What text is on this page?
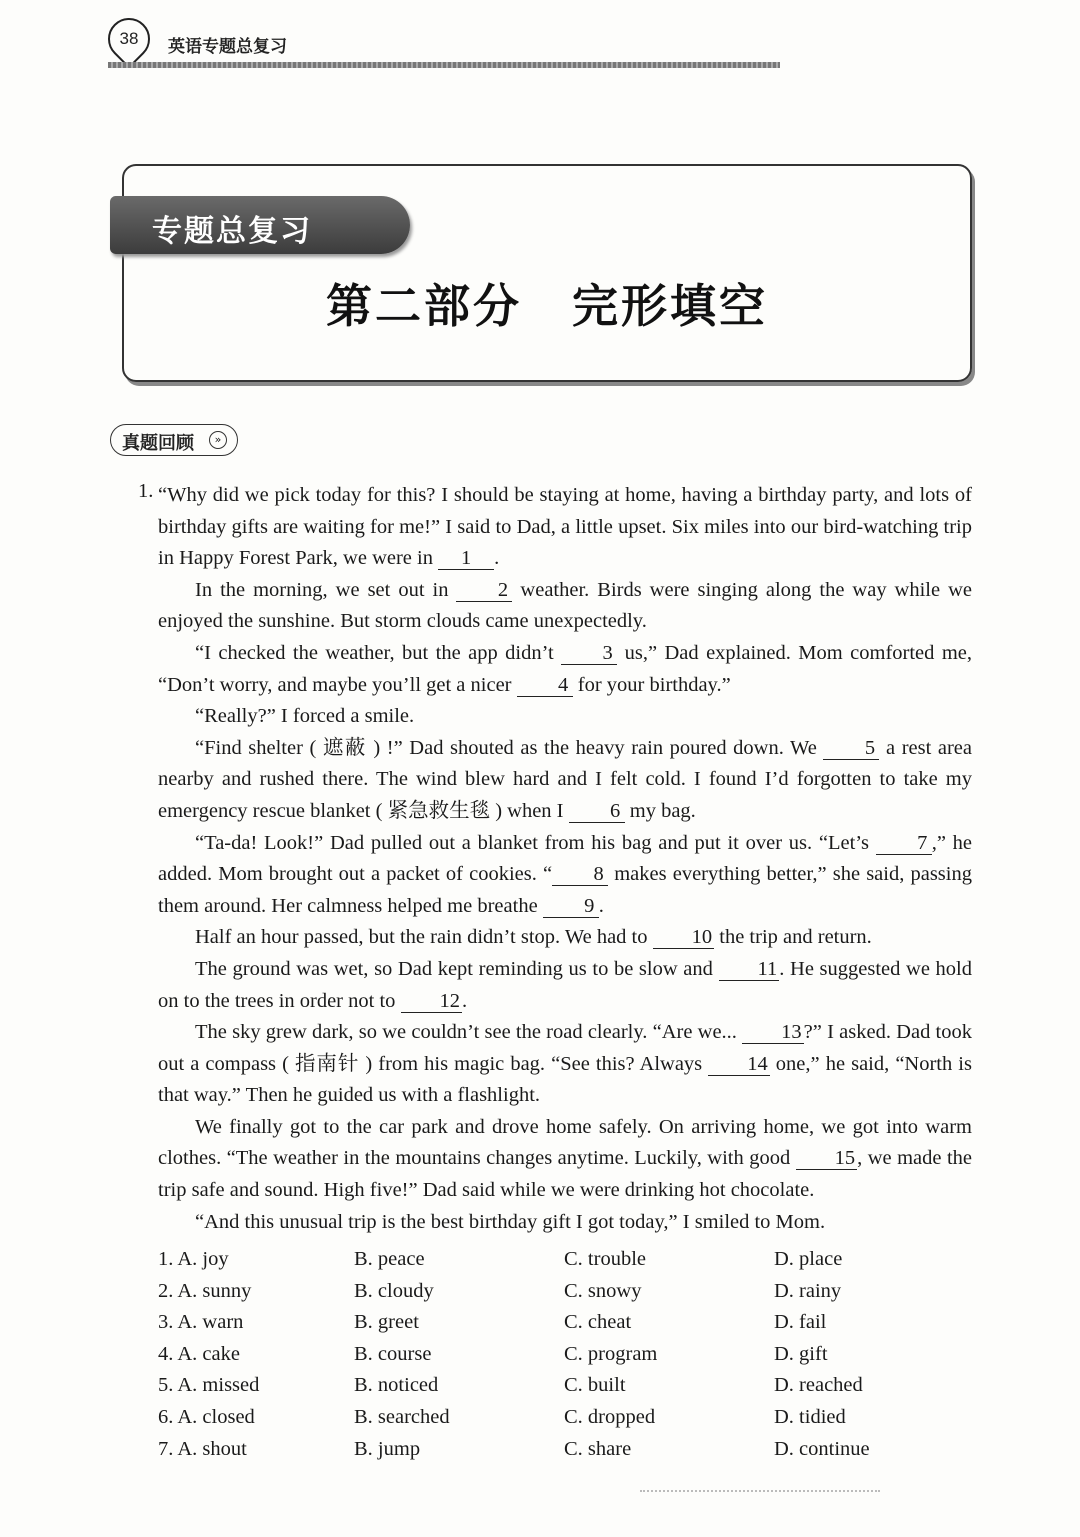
38	英语专题总复习
专题总复习
第二部分 完形填空
真题回顾	»
1. “Why did we pick today for this? I should be staying at home, having a birthday party, and lots of birthday gifts are waiting for me!” I said to Dad, a little upset. Six miles into our bird-watching trip in Happy Forest Park, we were in 1 .

In the morning, we set out in 2 weather. Birds were singing along the way while we enjoyed the sunshine. But storm clouds came unexpectedly.

“I checked the weather, but the app didn’t 3 us,” Dad explained. Mom comforted me, “Don’t worry, and maybe you’ll get a nicer 4 for your birthday.”

“Really?” I forced a smile.

“Find shelter ( 遮蔽 ) !” Dad shouted as the heavy rain poured down. We 5 a rest area nearby and rushed there. The wind blew hard and I felt cold. I found I’d forgotten to take my emergency rescue blanket ( 紧急救生毯 ) when I 6 my bag.

“Ta-da! Look!” Dad pulled out a blanket from his bag and put it over us. “Let’s 7 ,” he added. Mom brought out a packet of cookies. “ 8 makes everything better,” she said, passing them around. Her calmness helped me breathe 9 .

Half an hour passed, but the rain didn’t stop. We had to 10 the trip and return.

The ground was wet, so Dad kept reminding us to be slow and 11. He suggested we hold on to the trees in order not to 12.

The sky grew dark, so we couldn’t see the road clearly. “Are we... 13?” I asked. Dad took out a compass ( 指南针 ) from his magic bag. “See this? Always 14 one,” he said, “North is that way.” Then he guided us with a flashlight.

We finally got to the car park and drove home safely. On arriving home, we got into warm clothes. “The weather in the mountains changes anytime. Luckily, with good 15, we made the trip safe and sound. High five!” Dad said while we were drinking hot chocolate.

“And this unusual trip is the best birthday gift I got today,” I smiled to Mom.

1. A. joy	B. peace	C. trouble	D. place
2. A. sunny	B. cloudy	C. snowy	D. rainy
3. A. warn	B. greet	C. cheat	D. fail
4. A. cake	B. course	C. program	D. gift
5. A. missed	B. noticed	C. built	D. reached
6. A. closed	B. searched	C. dropped	D. tidied
7. A. shout	B. jump	C. share	D. continue
